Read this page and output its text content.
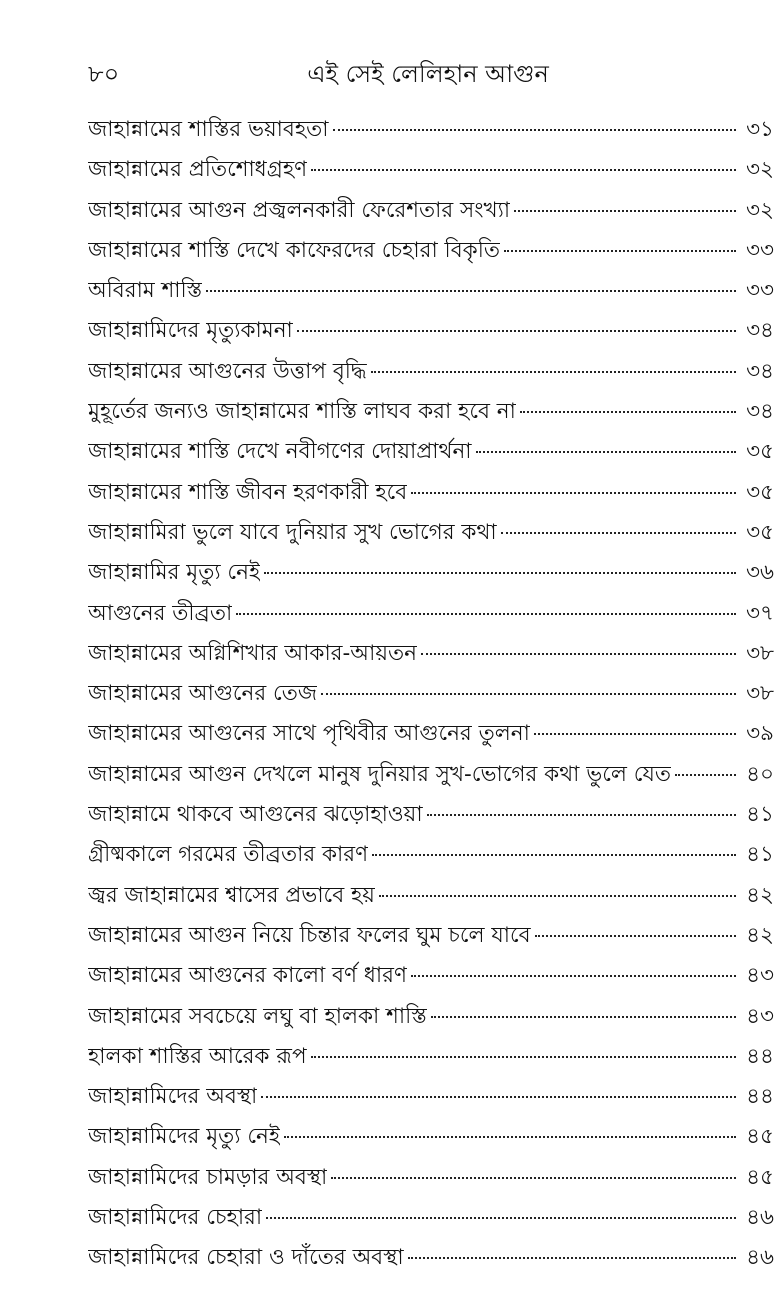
৮০	এই সেই লেলিহান আগুন
জাহান্নামের শাস্তির ভয়াবহতা	৩১
জাহান্নামের প্রতিশোধগ্রহণ	৩২
জাহান্নামের আগুন প্রজ্বলনকারী ফেরেশতার সংখ্যা	৩২
জাহান্নামের শাস্তি দেখে কাফেরদের চেহারা বিকৃতি	৩৩
অবিরাম শাস্তি	৩৩
জাহান্নামিদের মৃত্যুকামনা	৩৪
জাহান্নামের আগুনের উত্তাপ বৃদ্ধি	৩৪
মুহূর্তের জন্যও জাহান্নামের শাস্তি লাঘব করা হবে না	৩৪
জাহান্নামের শাস্তি দেখে নবীগণের দোয়াপ্রার্থনা	৩৫
জাহান্নামের শাস্তি জীবন হরণকারী হবে	৩৫
জাহান্নামিরা ভুলে যাবে দুনিয়ার সুখ ভোগের কথা	৩৫
জাহান্নামির মৃত্যু নেই	৩৬
আগুনের তীব্রতা	৩৭
জাহান্নামের অগ্নিশিখার আকার-আয়তন	৩৮
জাহান্নামের আগুনের তেজ	৩৮
জাহান্নামের আগুনের সাথে পৃথিবীর আগুনের তুলনা	৩৯
জাহান্নামের আগুন দেখলে মানুষ দুনিয়ার সুখ-ভোগের কথা ভুলে যেত	৪০
জাহান্নামে থাকবে আগুনের ঝড়োহাওয়া	৪১
গ্রীষ্মকালে গরমের তীব্রতার কারণ	৪১
জ্বর জাহান্নামের শ্বাসের প্রভাবে হয়	৪২
জাহান্নামের আগুন নিয়ে চিন্তার ফলের ঘুম চলে যাবে	৪২
জাহান্নামের আগুনের কালো বর্ণ ধারণ	৪৩
জাহান্নামের সবচেয়ে লঘু বা হালকা শাস্তি	৪৩
হালকা শাস্তির আরেক রূপ	৪৪
জাহান্নামিদের অবস্থা	৪৪
জাহান্নামিদের মৃত্যু নেই	৪৫
জাহান্নামিদের চামড়ার অবস্থা	৪৫
জাহান্নামিদের চেহারা	৪৬
জাহান্নামিদের চেহারা ও দাঁতের অবস্থা	৪৬
